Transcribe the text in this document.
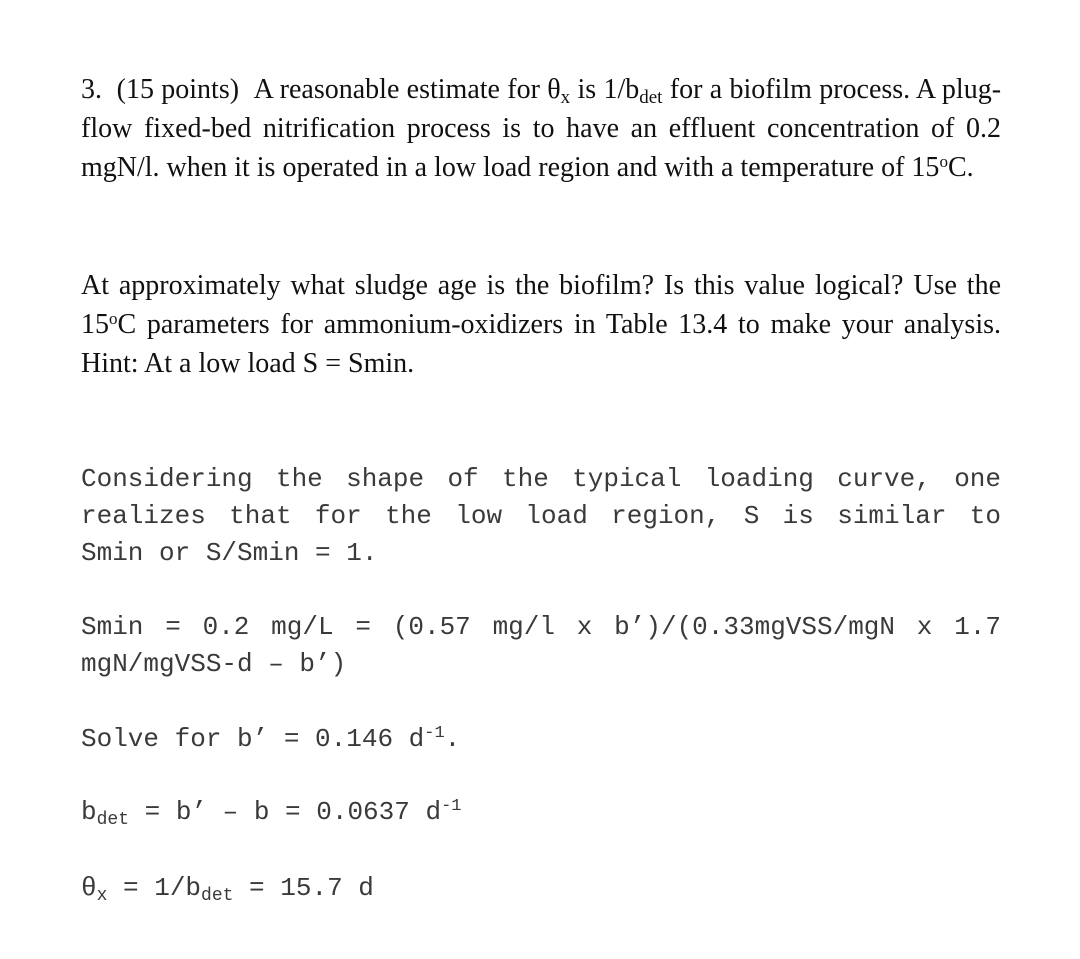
3. (15 points) A reasonable estimate for $\theta_x$ is $1/b_{det}$ for a biofilm process. A plug-flow fixed-bed nitrification process is to have an effluent concentration of 0.2 mgN/l. when it is operated in a low load region and with a temperature of 15$^o$C.

At approximately what sludge age is the biofilm? Is this value logical? Use the 15$^o$C parameters for ammonium-oxidizers in Table 13.4 to make your analysis. Hint: At a low load S = Smin.

Considering the shape of the typical loading curve, one realizes that for the low load region, S is similar to Smin or S/Smin = 1.

Smin = 0.2 mg/L = (0.57 mg/l x b’)/(0.33mgVSS/mgN x 1.7 mgN/mgVSS-d – b’)

Solve for b’ = 0.146 $d^{-1}$.

$b_{det} = b$’ – b = 0.0637 $d^{-1}$

$\theta_x = 1/b_{det} = 15.7$ d
